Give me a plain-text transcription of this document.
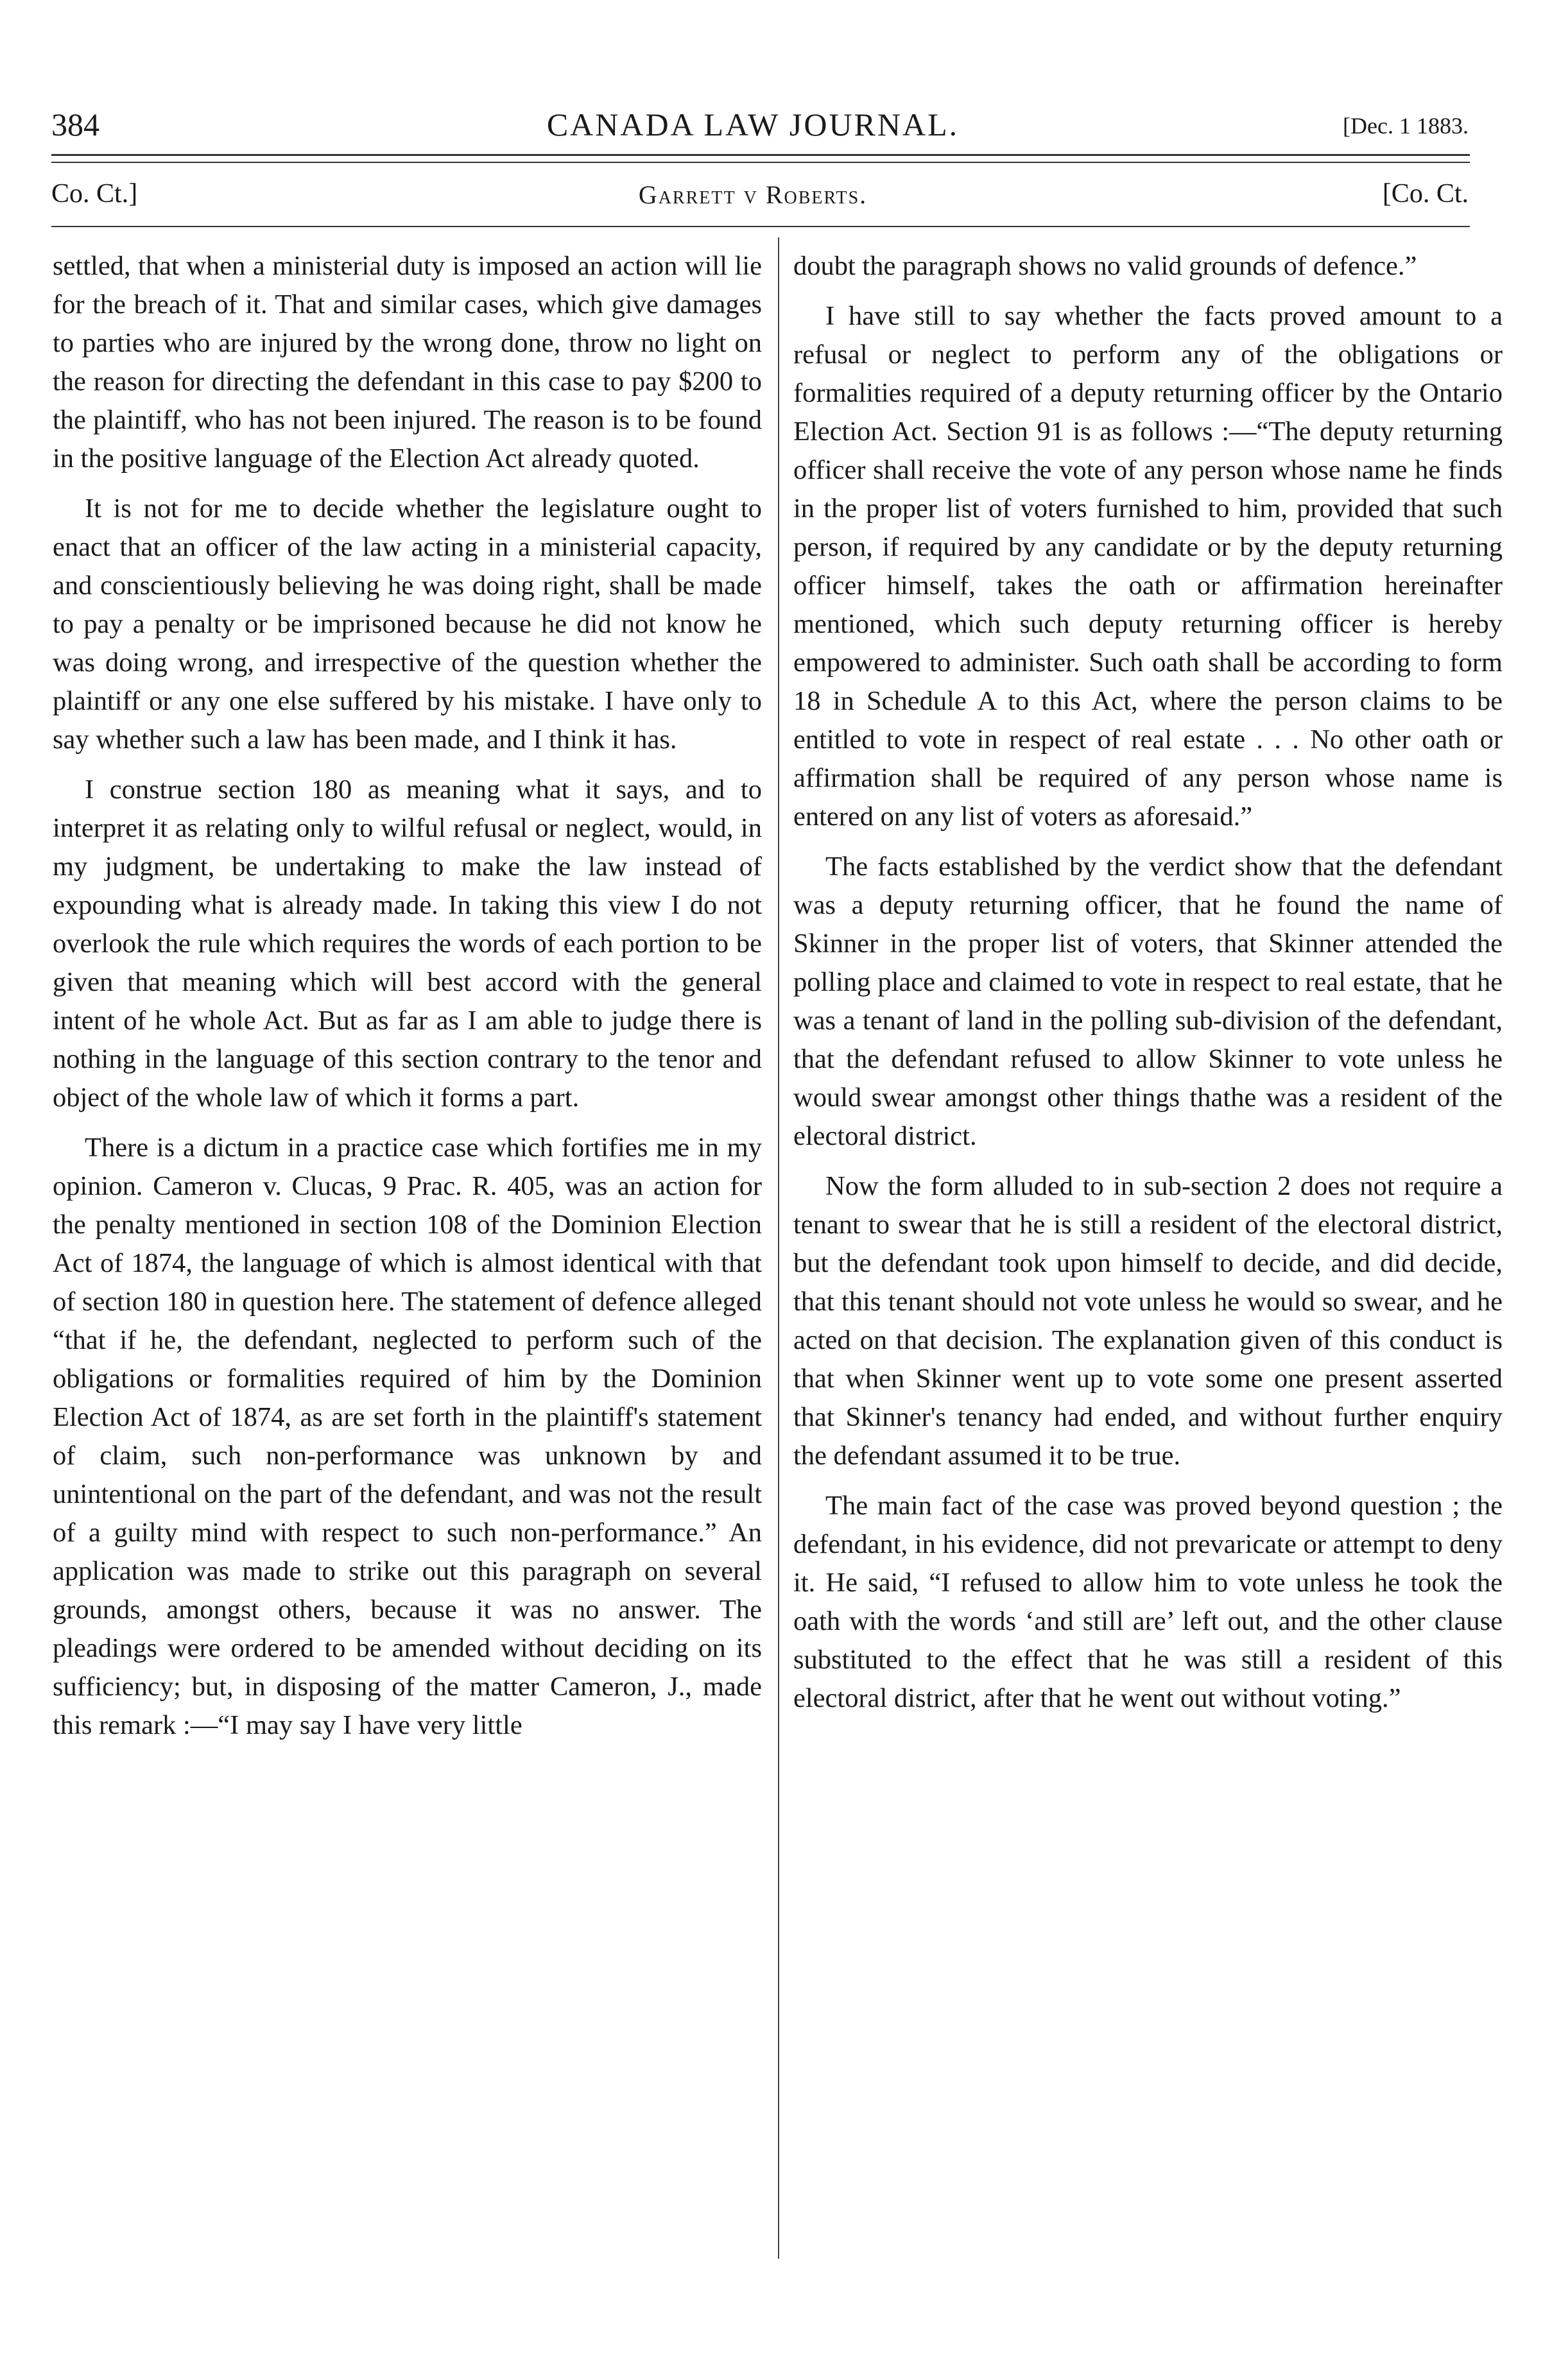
CANADA LAW JOURNAL.
384	[Dec. 1 1883.
Garrett v Roberts.
Co. Ct.]	[Co. Ct.

settled, that when a ministerial duty is imposed an action will lie for the breach of it. That and similar cases, which give damages to parties who are injured by the wrong done, throw no light on the reason for directing the defendant in this case to pay $200 to the plaintiff, who has not been injured. The reason is to be found in the positive language of the Election Act already quoted.

It is not for me to decide whether the legislature ought to enact that an officer of the law acting in a ministerial capacity, and conscientiously believing he was doing right, shall be made to pay a penalty or be imprisoned because he did not know he was doing wrong, and irrespective of the question whether the plaintiff or any one else suffered by his mistake. I have only to say whether such a law has been made, and I think it has.

I construe section 180 as meaning what it says, and to interpret it as relating only to wilful refusal or neglect, would, in my judgment, be undertaking to make the law instead of expounding what is already made. In taking this view I do not overlook the rule which requires the words of each portion to be given that meaning which will best accord with the general intent of he whole Act. But as far as I am able to judge there is nothing in the language of this section contrary to the tenor and object of the whole law of which it forms a part.

There is a dictum in a practice case which fortifies me in my opinion. Cameron v. Clucas, 9 Prac. R. 405, was an action for the penalty mentioned in section 108 of the Dominion Election Act of 1874, the language of which is almost identical with that of section 180 in question here. The statement of defence alleged “that if he, the defendant, neglected to perform such of the obligations or formalities required of him by the Dominion Election Act of 1874, as are set forth in the plaintiff's statement of claim, such non-performance was unknown by and unintentional on the part of the defendant, and was not the result of a guilty mind with respect to such non-performance.” An application was made to strike out this paragraph on several grounds, amongst others, because it was no answer. The pleadings were ordered to be amended without deciding on its sufficiency; but, in disposing of the matter Cameron, J., made this remark :—“I may say I have very little

doubt the paragraph shows no valid grounds of defence.”

I have still to say whether the facts proved amount to a refusal or neglect to perform any of the obligations or formalities required of a deputy returning officer by the Ontario Election Act. Section 91 is as follows :—“The deputy returning officer shall receive the vote of any person whose name he finds in the proper list of voters furnished to him, provided that such person, if required by any candidate or by the deputy returning officer himself, takes the oath or affirmation hereinafter mentioned, which such deputy returning officer is hereby empowered to administer. Such oath shall be according to form 18 in Schedule A to this Act, where the person claims to be entitled to vote in respect of real estate . . . No other oath or affirmation shall be required of any person whose name is entered on any list of voters as aforesaid.”

The facts established by the verdict show that the defendant was a deputy returning officer, that he found the name of Skinner in the proper list of voters, that Skinner attended the polling place and claimed to vote in respect to real estate, that he was a tenant of land in the polling sub-division of the defendant, that the defendant refused to allow Skinner to vote unless he would swear amongst other things thathe was a resident of the electoral district.

Now the form alluded to in sub-section 2 does not require a tenant to swear that he is still a resident of the electoral district, but the defendant took upon himself to decide, and did decide, that this tenant should not vote unless he would so swear, and he acted on that decision. The explanation given of this conduct is that when Skinner went up to vote some one present asserted that Skinner's tenancy had ended, and without further enquiry the defendant assumed it to be true.

The main fact of the case was proved beyond question ; the defendant, in his evidence, did not prevaricate or attempt to deny it. He said, “I refused to allow him to vote unless he took the oath with the words ‘and still are’ left out, and the other clause substituted to the effect that he was still a resident of this electoral district, after that he went out without voting.”
